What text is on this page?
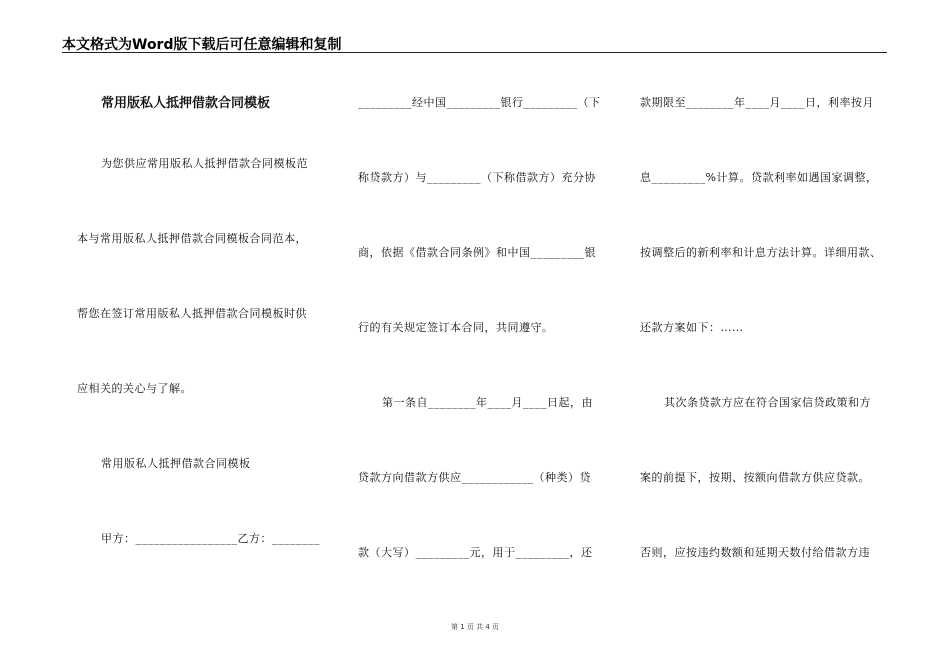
本文格式为Word版下载后可任意编辑和复制
常用版私人抵押借款合同模板
为您供应常用版私人抵押借款合同模板范
本与常用版私人抵押借款合同模板合同范本，
帮您在签订常用版私人抵押借款合同模板时供
应相关的关心与了解。
常用版私人抵押借款合同模板
甲方：_________________乙方：________
_________经中国_________银行_________（下
称贷款方）与_________（下称借款方）充分协
商，依据《借款合同条例》和中国_________银
行的有关规定签订本合同，共同遵守。
第一条自________年____月____日起，由
贷款方向借款方供应____________（种类）贷
款（大写）_________元，用于_________，还
款期限至________年____月____日，利率按月
息_________%计算。贷款利率如遇国家调整，
按调整后的新利率和计息方法计算。详细用款、
还款方案如下：……
其次条贷款方应在符合国家信贷政策和方
案的前提下，按期、按额向借款方供应贷款。
否则，应按违约数额和延期天数付给借款方违
第 1 页 共 4 页
